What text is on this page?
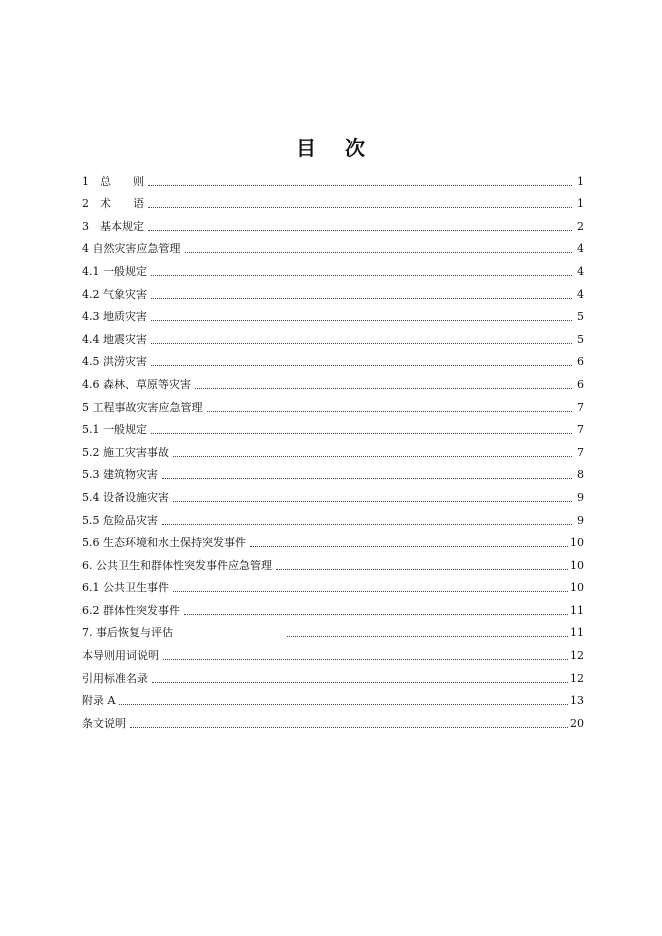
目 次
1　总　　则	1
2　术　　语	1
3　基本规定	2
4 自然灾害应急管理	4
4.1 一般规定	4
4.2 气象灾害	4
4.3 地质灾害	5
4.4 地震灾害	5
4.5 洪涝灾害	6
4.6 森林、草原等灾害	6
5 工程事故灾害应急管理	7
5.1 一般规定	7
5.2 施工灾害事故	7
5.3 建筑物灾害	8
5.4 设备设施灾害	9
5.5 危险品灾害	9
5.6 生态环境和水土保持突发事件	10
6. 公共卫生和群体性突发事件应急管理	10
6.1 公共卫生事件	10
6.2 群体性突发事件	11
7. 事后恢复与评估	11
本导则用词说明	12
引用标准名录	12
附录 A	13
条文说明	20
